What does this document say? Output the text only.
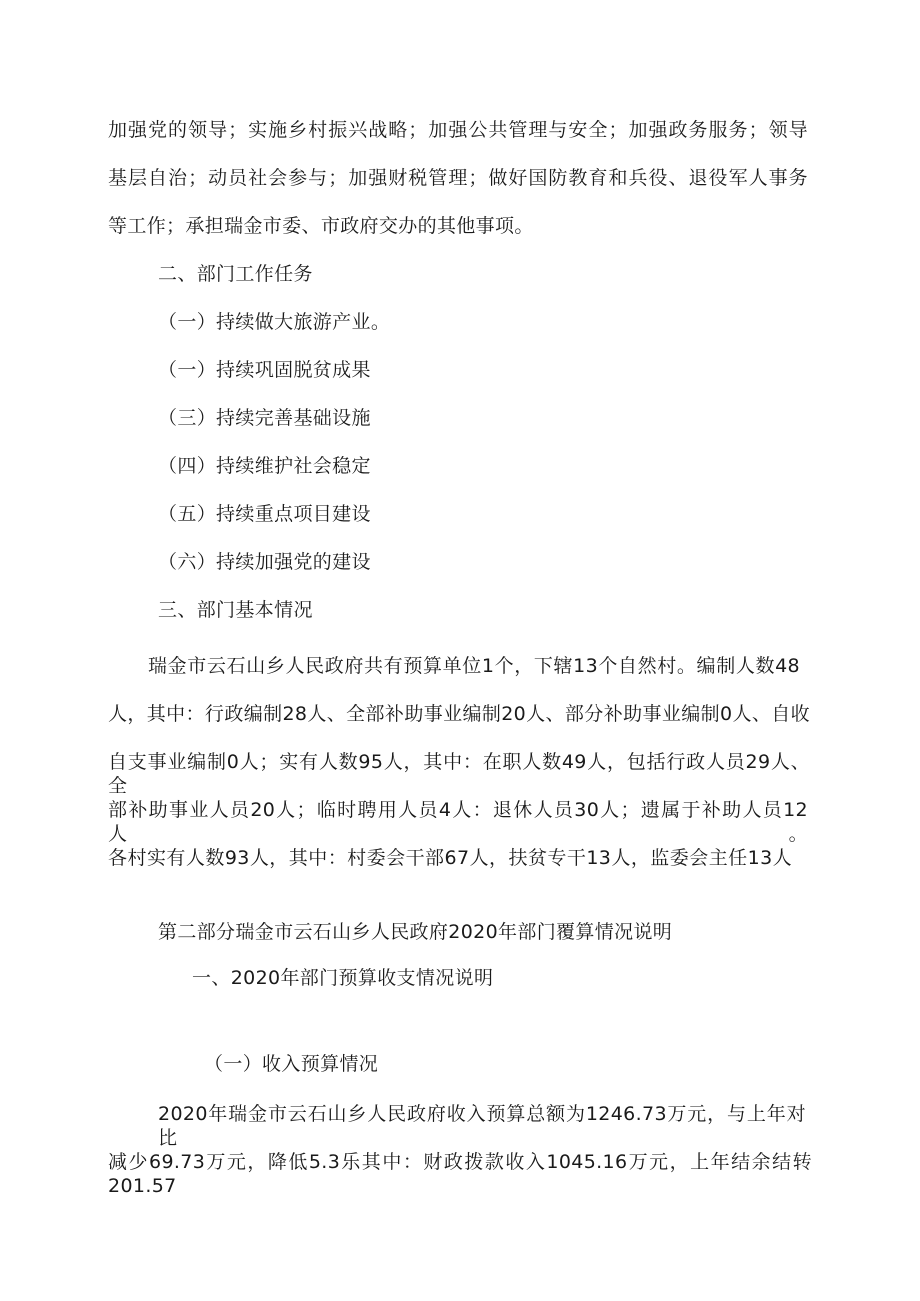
加强党的领导；实施乡村振兴战略；加强公共管理与安全；加强政务服务；领导
基层自治；动员社会参与；加强财税管理；做好国防教育和兵役、退役军人事务
等工作；承担瑞金市委、市政府交办的其他事项。
二、部门工作任务
（一）持续做大旅游产业。
（一）持续巩固脱贫成果
（三）持续完善基础设施
（四）持续维护社会稳定
（五）持续重点项目建设
（六）持续加强党的建设
三、部门基本情况
瑞金市云石山乡人民政府共有预算单位1个，下辖13个自然村。编制人数48
人，其中：行政编制28人、全部补助事业编制20人、部分补助事业编制0人、自收
自支事业编制0人；实有人数95人，其中：在职人数49人，包括行政人员29人、全
部补助事业人员20人；临时聘用人员4人：退休人员30人；遗属于补助人员12人。
各村实有人数93人，其中：村委会干部67人，扶贫专干13人，监委会主任13人
第二部分瑞金市云石山乡人民政府2020年部门覆算情况说明
一、2020年部门预算收支情况说明
（一）收入预算情况
2020年瑞金市云石山乡人民政府收入预算总额为1246.73万元，与上年对比
减少69.73万元，降低5.3乐其中：财政拨款收入1045.16万元，上年结余结转201.57
